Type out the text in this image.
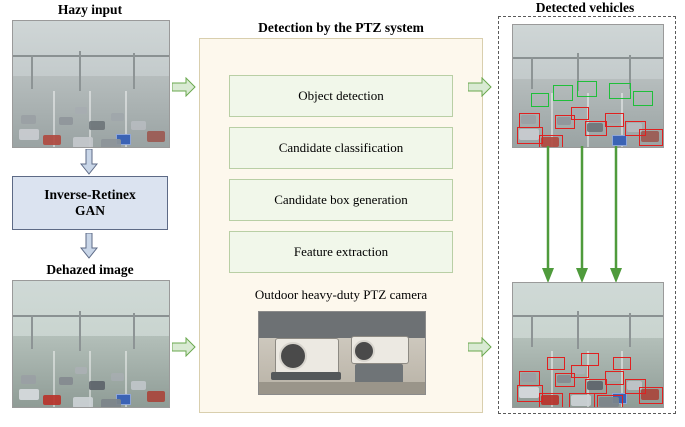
Hazy input
Detection by the PTZ system
Detected vehicles
Dehazed image
Inverse-Retinex
GAN
Object detection
Candidate classification
Candidate box generation
Feature extraction
Outdoor heavy-duty PTZ camera
